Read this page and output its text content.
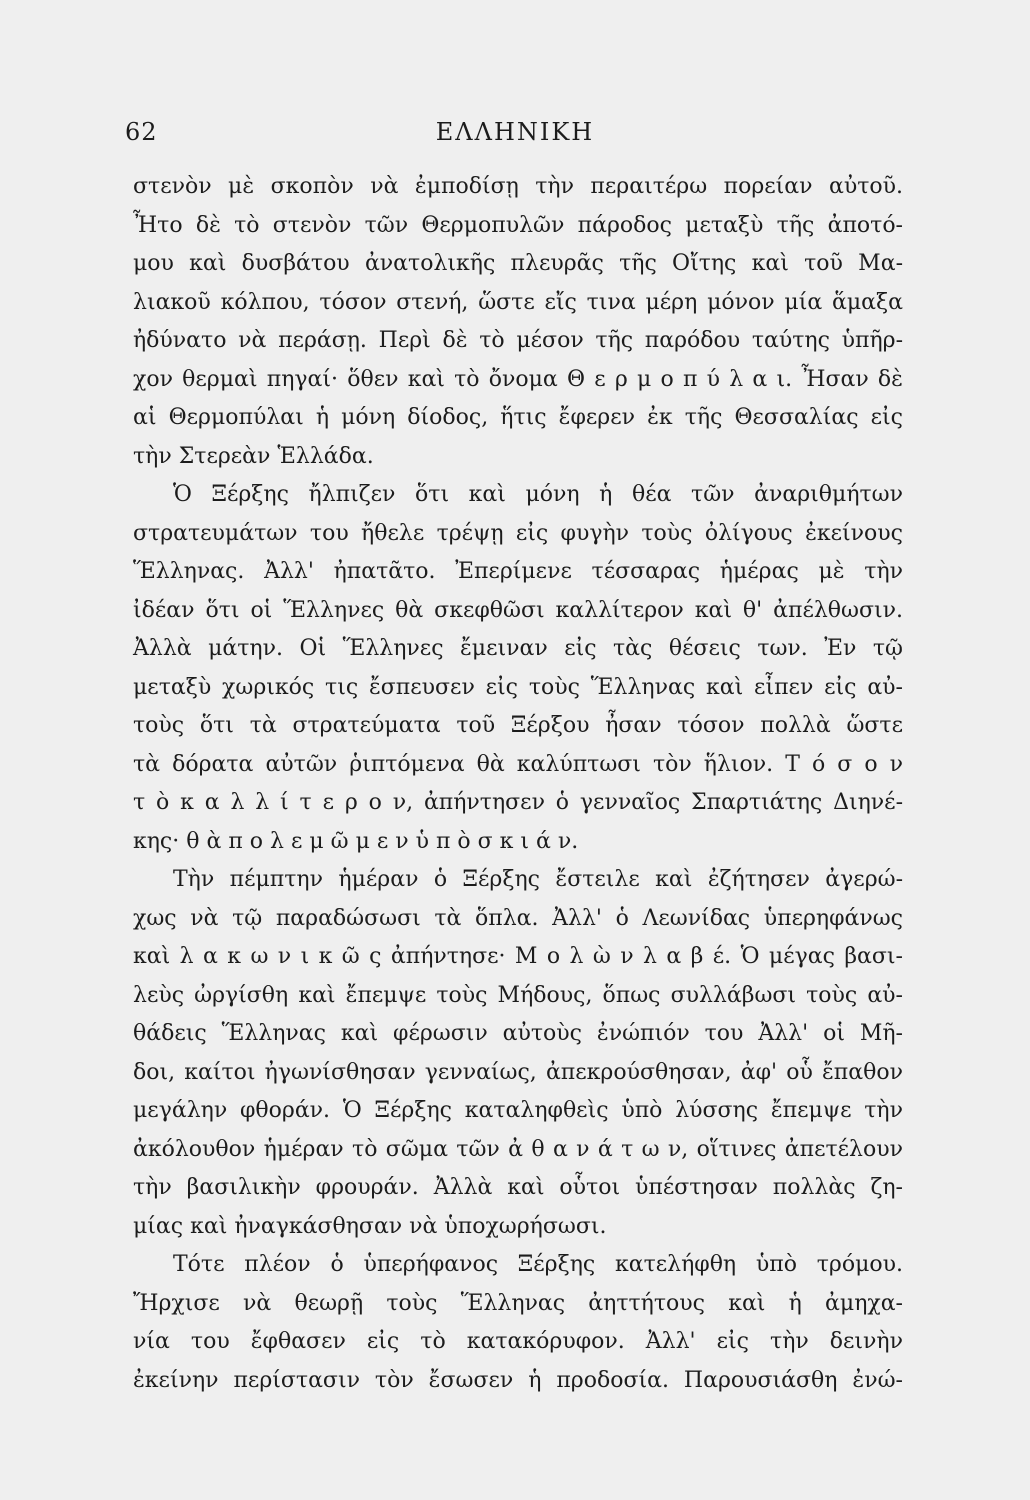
62	ΕΛΛΗΝΙΚΗ
στενὸν μὲ σκοπὸν νὰ ἐμποδίσῃ τὴν περαιτέρω πορείαν αὐτοῦ.
Ἦτο δὲ τὸ στενὸν τῶν Θερμοπυλῶν πάροδος μεταξὺ τῆς ἀποτό-
μου καὶ δυσβάτου ἀνατολικῆς πλευρᾶς τῆς Οἴτης καὶ τοῦ Μα-
λιακοῦ κόλπου, τόσον στενή, ὥστε εἴς τινα μέρη μόνον μία ἅμαξα
ἠδύνατο νὰ περάσῃ. Περὶ δὲ τὸ μέσον τῆς παρόδου ταύτης ὑπῆρ-
χον θερμαὶ πηγαί· ὅθεν καὶ τὸ ὄνομα Θ ε ρ μ ο π ύ λ α ι. Ἦσαν δὲ
αἱ Θερμοπύλαι ἡ μόνη δίοδος, ἥτις ἔφερεν ἐκ τῆς Θεσσαλίας εἰς
τὴν Στερεὰν Ἑλλάδα.
Ὁ Ξέρξης ἤλπιζεν ὅτι καὶ μόνη ἡ θέα τῶν ἀναριθμήτων
στρατευμάτων του ἤθελε τρέψῃ εἰς φυγὴν τοὺς ὀλίγους ἐκείνους
Ἕλληνας. Ἀλλ' ἠπατᾶτο. Ἐπερίμενε τέσσαρας ἡμέρας μὲ τὴν
ἰδέαν ὅτι οἱ Ἕλληνες θὰ σκεφθῶσι καλλίτερον καὶ θ' ἀπέλθωσιν.
Ἀλλὰ μάτην. Οἱ Ἕλληνες ἔμειναν εἰς τὰς θέσεις των. Ἐν τῷ
μεταξὺ χωρικός τις ἔσπευσεν εἰς τοὺς Ἕλληνας καὶ εἶπεν εἰς αὐ-
τοὺς ὅτι τὰ στρατεύματα τοῦ Ξέρξου ἦσαν τόσον πολλὰ ὥστε
τὰ δόρατα αὐτῶν ῥιπτόμενα θὰ καλύπτωσι τὸν ἥλιον. Τ ό σ ο ν
τ ὸ κ α λ λ ί τ ε ρ ο ν, ἀπήντησεν ὁ γενναῖος Σπαρτιάτης Διηνέ-
κης· θ ὰ π ο λ ε μ ῶ μ ε ν ὑ π ὸ σ κ ι ά ν.
Τὴν πέμπτην ἡμέραν ὁ Ξέρξης ἔστειλε καὶ ἐζήτησεν ἀγερώ-
χως νὰ τῷ παραδώσωσι τὰ ὅπλα. Ἀλλ' ὁ Λεωνίδας ὑπερηφάνως
καὶ λ α κ ω ν ι κ ῶ ς ἀπήντησε· Μ ο λ ὼ ν λ α β έ. Ὁ μέγας βασι-
λεὺς ὠργίσθη καὶ ἔπεμψε τοὺς Μήδους, ὅπως συλλάβωσι τοὺς αὐ-
θάδεις Ἕλληνας καὶ φέρωσιν αὐτοὺς ἐνώπιόν του Ἀλλ' οἱ Μῆ-
δοι, καίτοι ἠγωνίσθησαν γενναίως, ἀπεκρούσθησαν, ἀφ' οὗ ἔπαθον
μεγάλην φθοράν. Ὁ Ξέρξης καταληφθεὶς ὑπὸ λύσσης ἔπεμψε τὴν
ἀκόλουθον ἡμέραν τὸ σῶμα τῶν ἀ θ α ν ά τ ω ν, οἵτινες ἀπετέλουν
τὴν βασιλικὴν φρουράν. Ἀλλὰ καὶ οὗτοι ὑπέστησαν πολλὰς ζη-
μίας καὶ ἠναγκάσθησαν νὰ ὑποχωρήσωσι.
Τότε πλέον ὁ ὑπερήφανος Ξέρξης κατελήφθη ὑπὸ τρόμου.
Ἤρχισε νὰ θεωρῇ τοὺς Ἕλληνας ἀηττήτους καὶ ἡ ἀμηχα-
νία του ἔφθασεν εἰς τὸ κατακόρυφον. Ἀλλ' εἰς τὴν δεινὴν
ἐκείνην περίστασιν τὸν ἔσωσεν ἡ προδοσία. Παρουσιάσθη ἐνώ-
